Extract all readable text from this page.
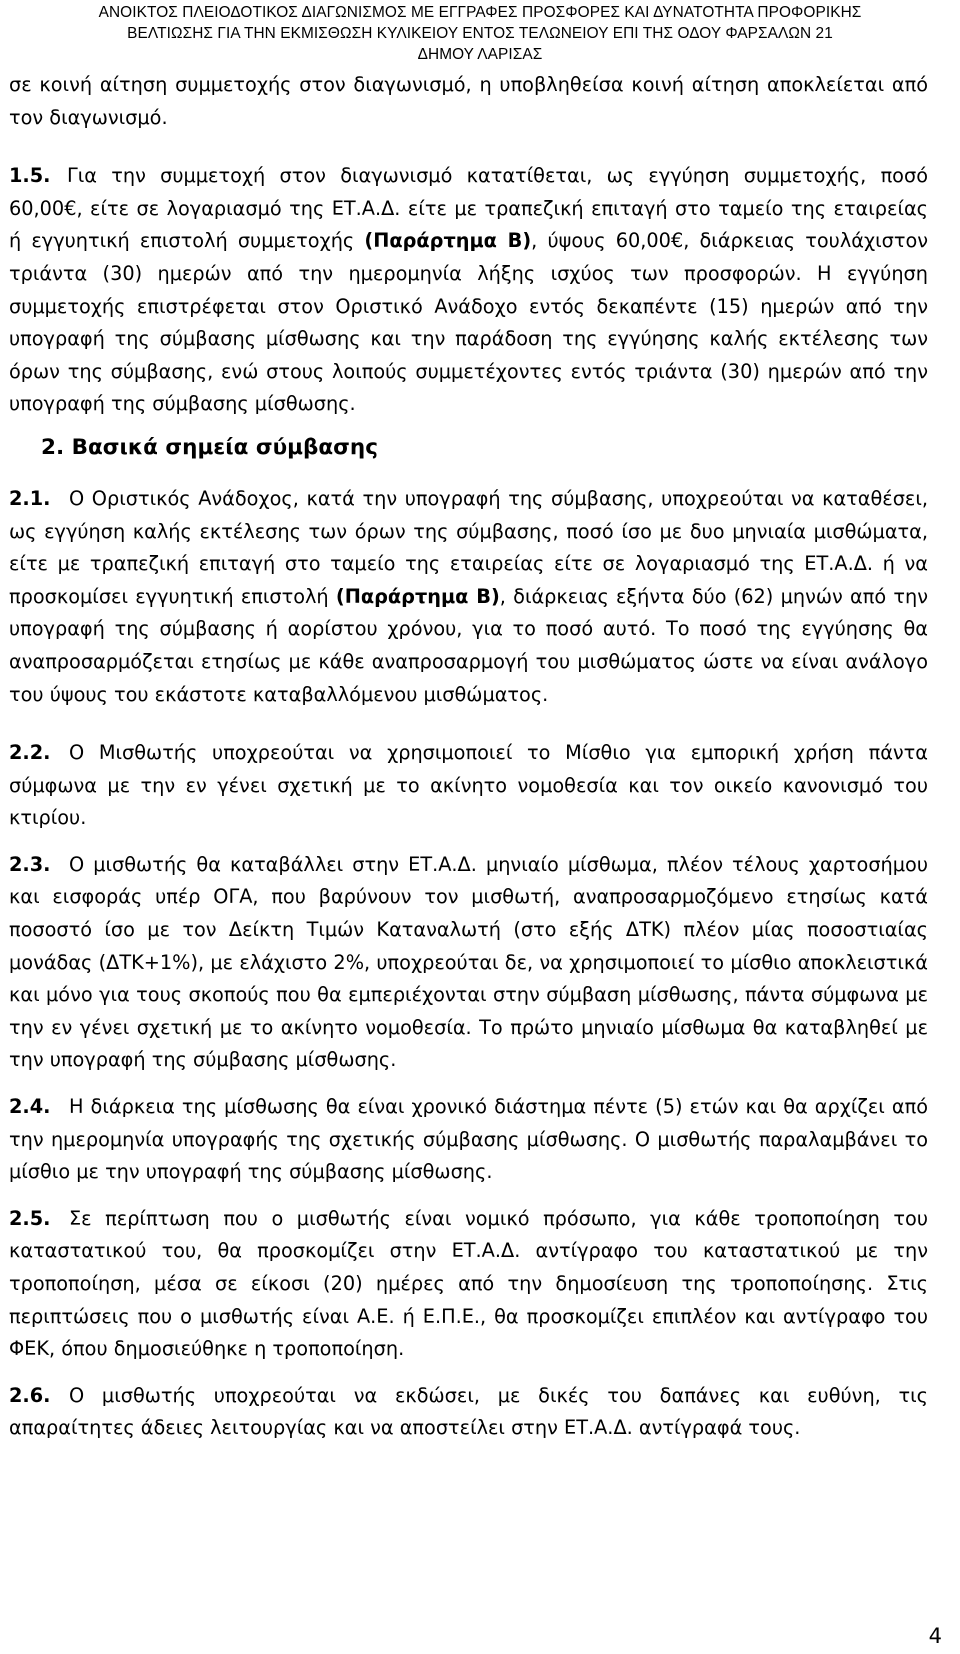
ΑΝΟΙΚΤΟΣ ΠΛΕΙΟΔΟΤΙΚΟΣ ΔΙΑΓΩΝΙΣΜΟΣ ΜΕ ΕΓΓΡΑΦΕΣ ΠΡΟΣΦΟΡΕΣ ΚΑΙ ΔΥΝΑΤΟΤΗΤΑ ΠΡΟΦΟΡΙΚΗΣ
ΒΕΛΤΙΩΣΗΣ ΓΙΑ ΤΗΝ ΕΚΜΙΣΘΩΣΗ ΚΥΛΙΚΕΙΟΥ ΕΝΤΟΣ ΤΕΛΩΝΕΙΟΥ ΕΠΙ ΤΗΣ ΟΔΟΥ ΦΑΡΣΑΛΩΝ 21
ΔΗΜΟΥ ΛΑΡΙΣΑΣ

σε κοινή αίτηση συμμετοχής στον διαγωνισμό, η υποβληθείσα κοινή αίτηση αποκλείεται από τον διαγωνισμό.

1.5. Για την συμμετοχή στον διαγωνισμό κατατίθεται, ως εγγύηση συμμετοχής, ποσό 60,00€, είτε σε λογαριασμό της ΕΤ.Α.Δ. είτε με τραπεζική επιταγή στο ταμείο της εταιρείας ή εγγυητική επιστολή συμμετοχής (Παράρτημα Β), ύψους 60,00€, διάρκειας τουλάχιστον τριάντα (30) ημερών από την ημερομηνία λήξης ισχύος των προσφορών. Η εγγύηση συμμετοχής επιστρέφεται στον Οριστικό Ανάδοχο εντός δεκαπέντε (15) ημερών από την υπογραφή της σύμβασης μίσθωσης και την παράδοση της εγγύησης καλής εκτέλεσης των όρων της σύμβασης, ενώ στους λοιπούς συμμετέχοντες εντός τριάντα (30) ημερών από την υπογραφή της σύμβασης μίσθωσης.

2. Βασικά σημεία σύμβασης

2.1. Ο Οριστικός Ανάδοχος, κατά την υπογραφή της σύμβασης, υποχρεούται να καταθέσει, ως εγγύηση καλής εκτέλεσης των όρων της σύμβασης, ποσό ίσο με δυο μηνιαία μισθώματα, είτε με τραπεζική επιταγή στο ταμείο της εταιρείας είτε σε λογαριασμό της ΕΤ.Α.Δ. ή να προσκομίσει εγγυητική επιστολή (Παράρτημα Β), διάρκειας εξήντα δύο (62) μηνών από την υπογραφή της σύμβασης ή αορίστου χρόνου, για το ποσό αυτό. Το ποσό της εγγύησης θα αναπροσαρμόζεται ετησίως με κάθε αναπροσαρμογή του μισθώματος ώστε να είναι ανάλογο του ύψους του εκάστοτε καταβαλλόμενου μισθώματος.

2.2. Ο Μισθωτής υποχρεούται να χρησιμοποιεί το Μίσθιο για εμπορική χρήση πάντα σύμφωνα με την εν γένει σχετική με το ακίνητο νομοθεσία και τον οικείο κανονισμό του κτιρίου.

2.3. Ο μισθωτής θα καταβάλλει στην ΕΤ.Α.Δ. μηνιαίο μίσθωμα, πλέον τέλους χαρτοσήμου και εισφοράς υπέρ ΟΓΑ, που βαρύνουν τον μισθωτή, αναπροσαρμοζόμενο ετησίως κατά ποσοστό ίσο με τον Δείκτη Τιμών Καταναλωτή (στο εξής ΔΤΚ) πλέον μίας ποσοστιαίας μονάδας (ΔΤΚ+1%), με ελάχιστο 2%, υποχρεούται δε, να χρησιμοποιεί το μίσθιο αποκλειστικά και μόνο για τους σκοπούς που θα εμπεριέχονται στην σύμβαση μίσθωσης, πάντα σύμφωνα με την εν γένει σχετική με το ακίνητο νομοθεσία. Το πρώτο μηνιαίο μίσθωμα θα καταβληθεί με την υπογραφή της σύμβασης μίσθωσης.

2.4. Η διάρκεια της μίσθωσης θα είναι χρονικό διάστημα πέντε (5) ετών και θα αρχίζει από την ημερομηνία υπογραφής της σχετικής σύμβασης μίσθωσης. Ο μισθωτής παραλαμβάνει το μίσθιο με την υπογραφή της σύμβασης μίσθωσης.

2.5. Σε περίπτωση που ο μισθωτής είναι νομικό πρόσωπο, για κάθε τροποποίηση του καταστατικού του, θα προσκομίζει στην ΕΤ.Α.Δ. αντίγραφο του καταστατικού με την τροποποίηση, μέσα σε είκοσι (20) ημέρες από την δημοσίευση της τροποποίησης. Στις περιπτώσεις που ο μισθωτής είναι Α.Ε. ή Ε.Π.Ε., θα προσκομίζει επιπλέον και αντίγραφο του ΦΕΚ, όπου δημοσιεύθηκε η τροποποίηση.

2.6. Ο μισθωτής υποχρεούται να εκδώσει, με δικές του δαπάνες και ευθύνη, τις απαραίτητες άδειες λειτουργίας και να αποστείλει στην ΕΤ.Α.Δ. αντίγραφά τους.

4
